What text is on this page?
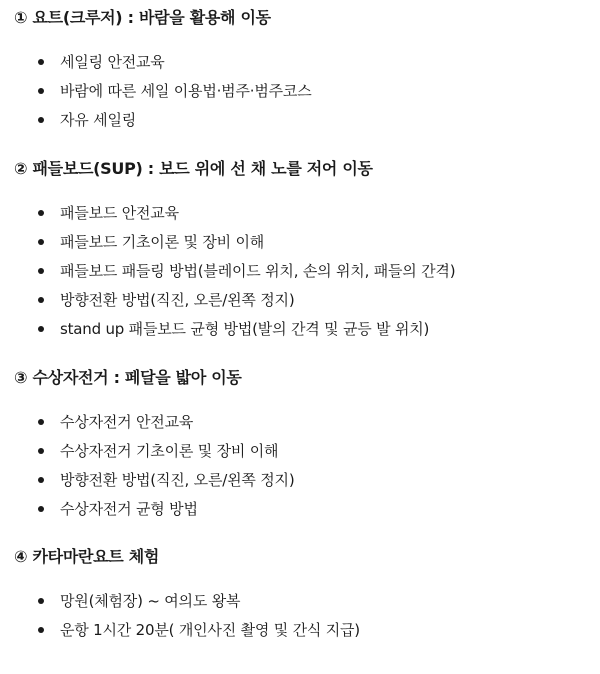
① 요트(크루저) : 바람을 활용해 이동
세일링 안전교육
바람에 따른 세일 이용법·범주·범주코스
자유 세일링
② 패들보드(SUP) : 보드 위에 선 채 노를 저어 이동
패들보드 안전교육
패들보드 기초이론 및 장비 이해
패들보드 패들링 방법(블레이드 위치, 손의 위치, 패들의 간격)
방향전환 방법(직진, 오른/왼쪽 정지)
stand up 패들보드 균형 방법(발의 간격 및 균등 발 위치)
③ 수상자전거 : 페달을 밟아 이동
수상자전거 안전교육
수상자전거 기초이론 및 장비 이해
방향전환 방법(직진, 오른/왼쪽 정지)
수상자전거 균형 방법
④ 카타마란요트 체험
망원(체험장) ~ 여의도 왕복
운항 1시간 20분( 개인사진 촬영 및 간식 지급)
